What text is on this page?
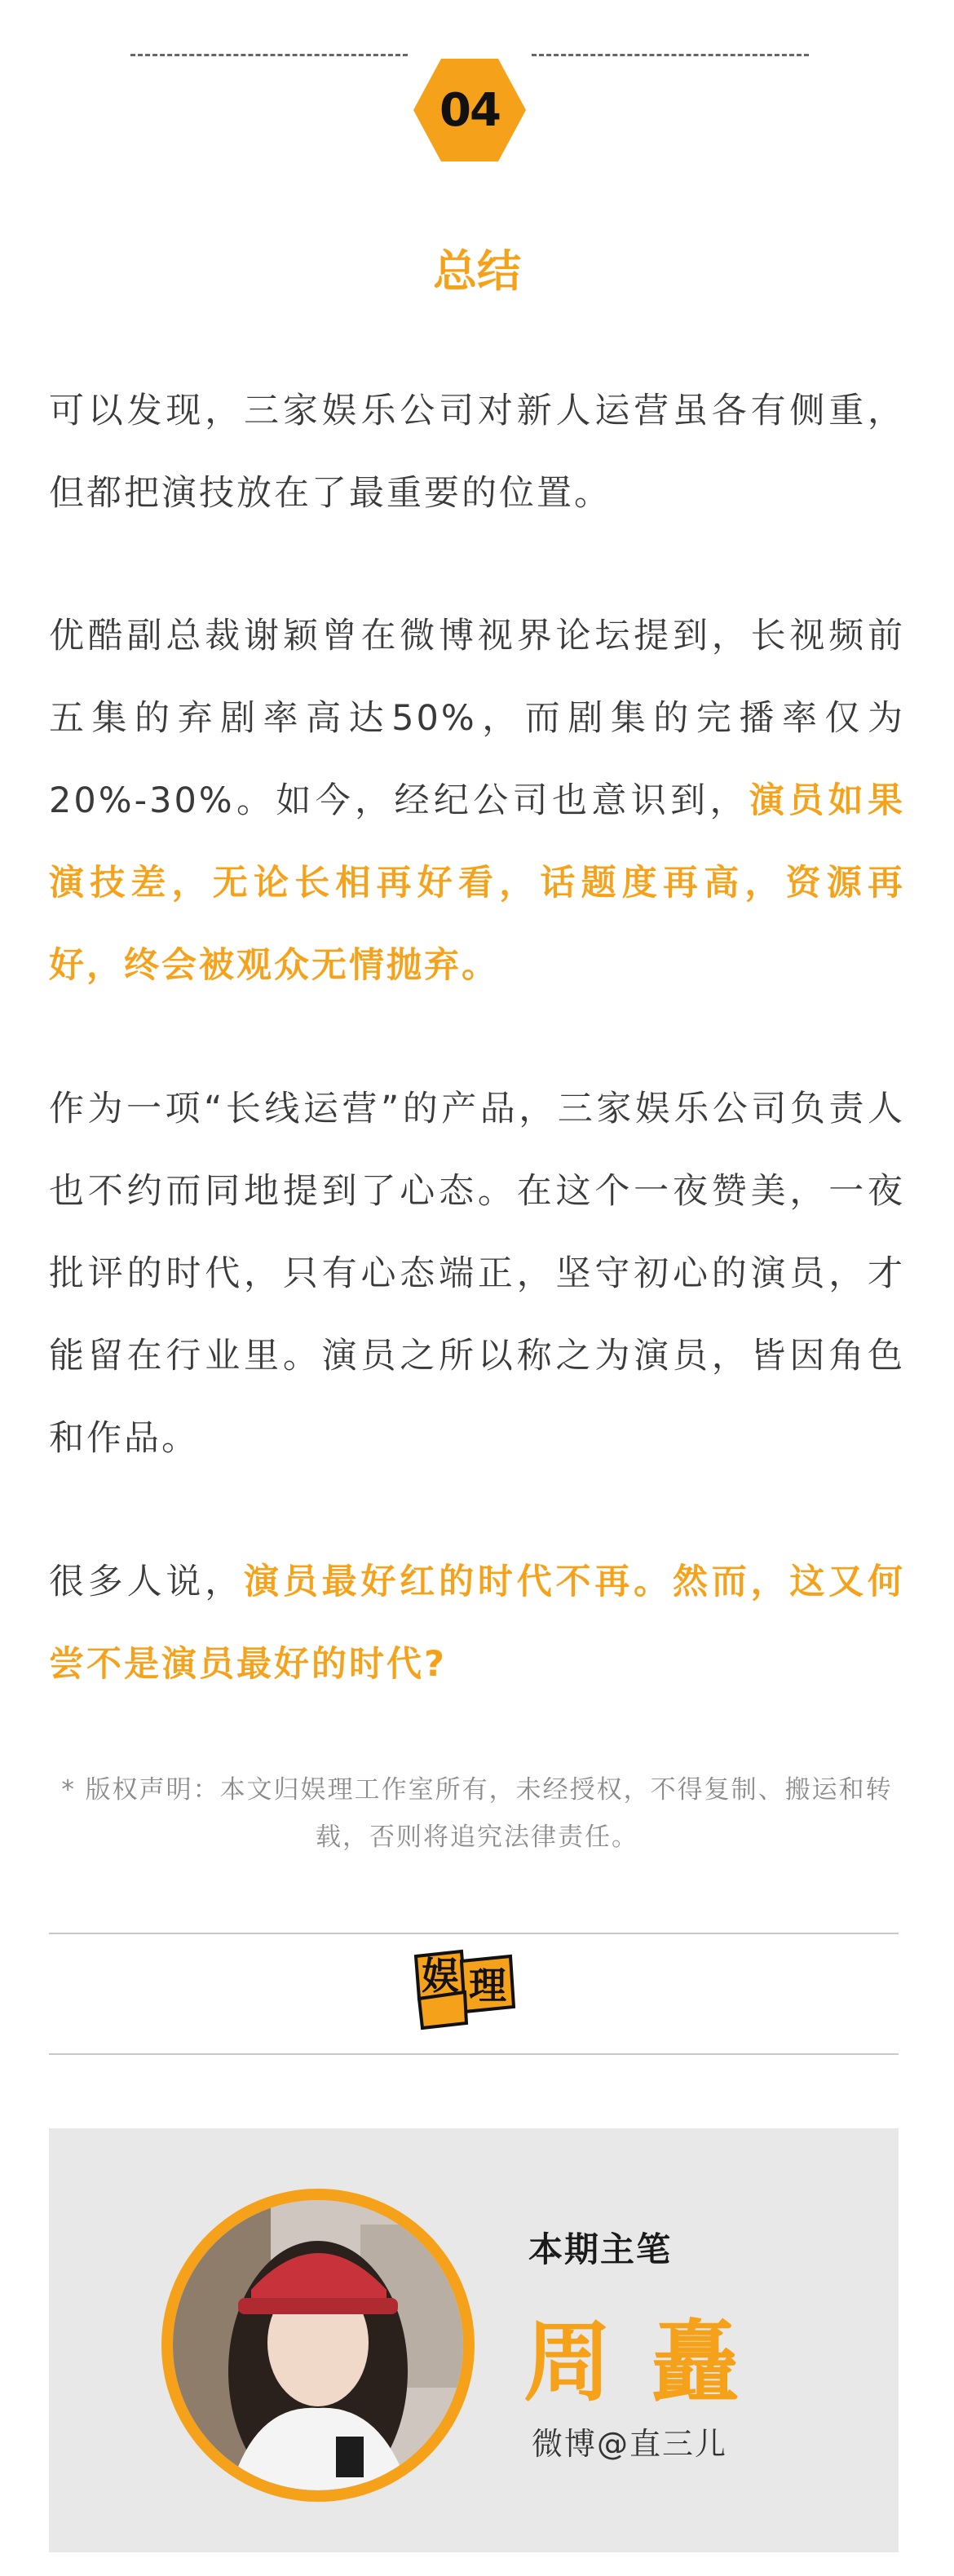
04
总结
可以发现，三家娱乐公司对新人运营虽各有侧重，但都把演技放在了最重要的位置。
优酷副总裁谢颖曾在微博视界论坛提到，长视频前五集的弃剧率高达50%，而剧集的完播率仅为20%-30%。如今，经纪公司也意识到，演员如果演技差，无论长相再好看，话题度再高，资源再好，终会被观众无情抛弃。
作为一项“长线运营”的产品，三家娱乐公司负责人也不约而同地提到了心态。在这个一夜赞美，一夜批评的时代，只有心态端正，坚守初心的演员，才能留在行业里。演员之所以称之为演员，皆因角色和作品。
很多人说，演员最好红的时代不再。然而，这又何尝不是演员最好的时代?
* 版权声明：本文归娱理工作室所有，未经授权，不得复制、搬运和转载，否则将追究法律责任。
娱 理
本期主笔
周矗
微博@直三儿
